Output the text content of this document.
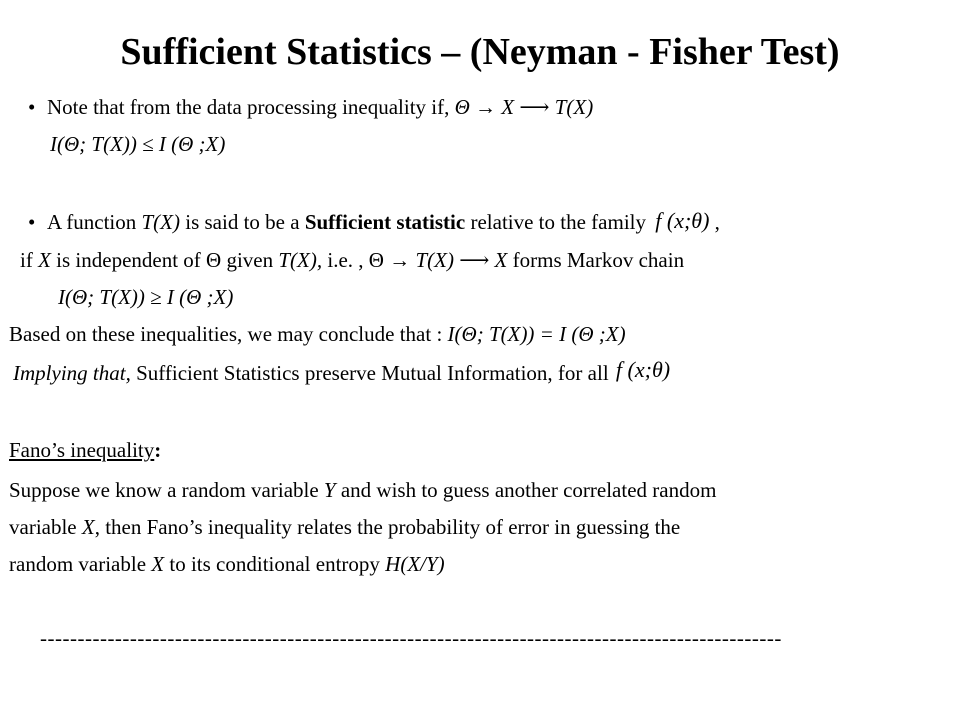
Sufficient Statistics – (Neyman - Fisher Test)
• Note that from the data processing inequality if, Θ → X ⟶ T(X)
I(Θ; T(X)) ≤ I (Θ ;X)
• A function T(X) is said to be a Sufficient statistic relative to the family f (x;θ) ,
if X is independent of Θ given T(X), i.e. , Θ → T(X) ⟶ X forms Markov chain
I(Θ; T(X)) ≥ I (Θ ;X)
Based on these inequalities, we may conclude that : I(Θ; T(X)) = I (Θ ;X)
Implying that, Sufficient Statistics preserve Mutual Information, for all f (x;θ)
Fano’s inequality:
Suppose we know a random variable Y and wish to guess another correlated random
variable X, then Fano’s inequality relates the probability of error in guessing the
random variable X to its conditional entropy H(X/Y)
---------------------------------------------------------------------------------------------------
